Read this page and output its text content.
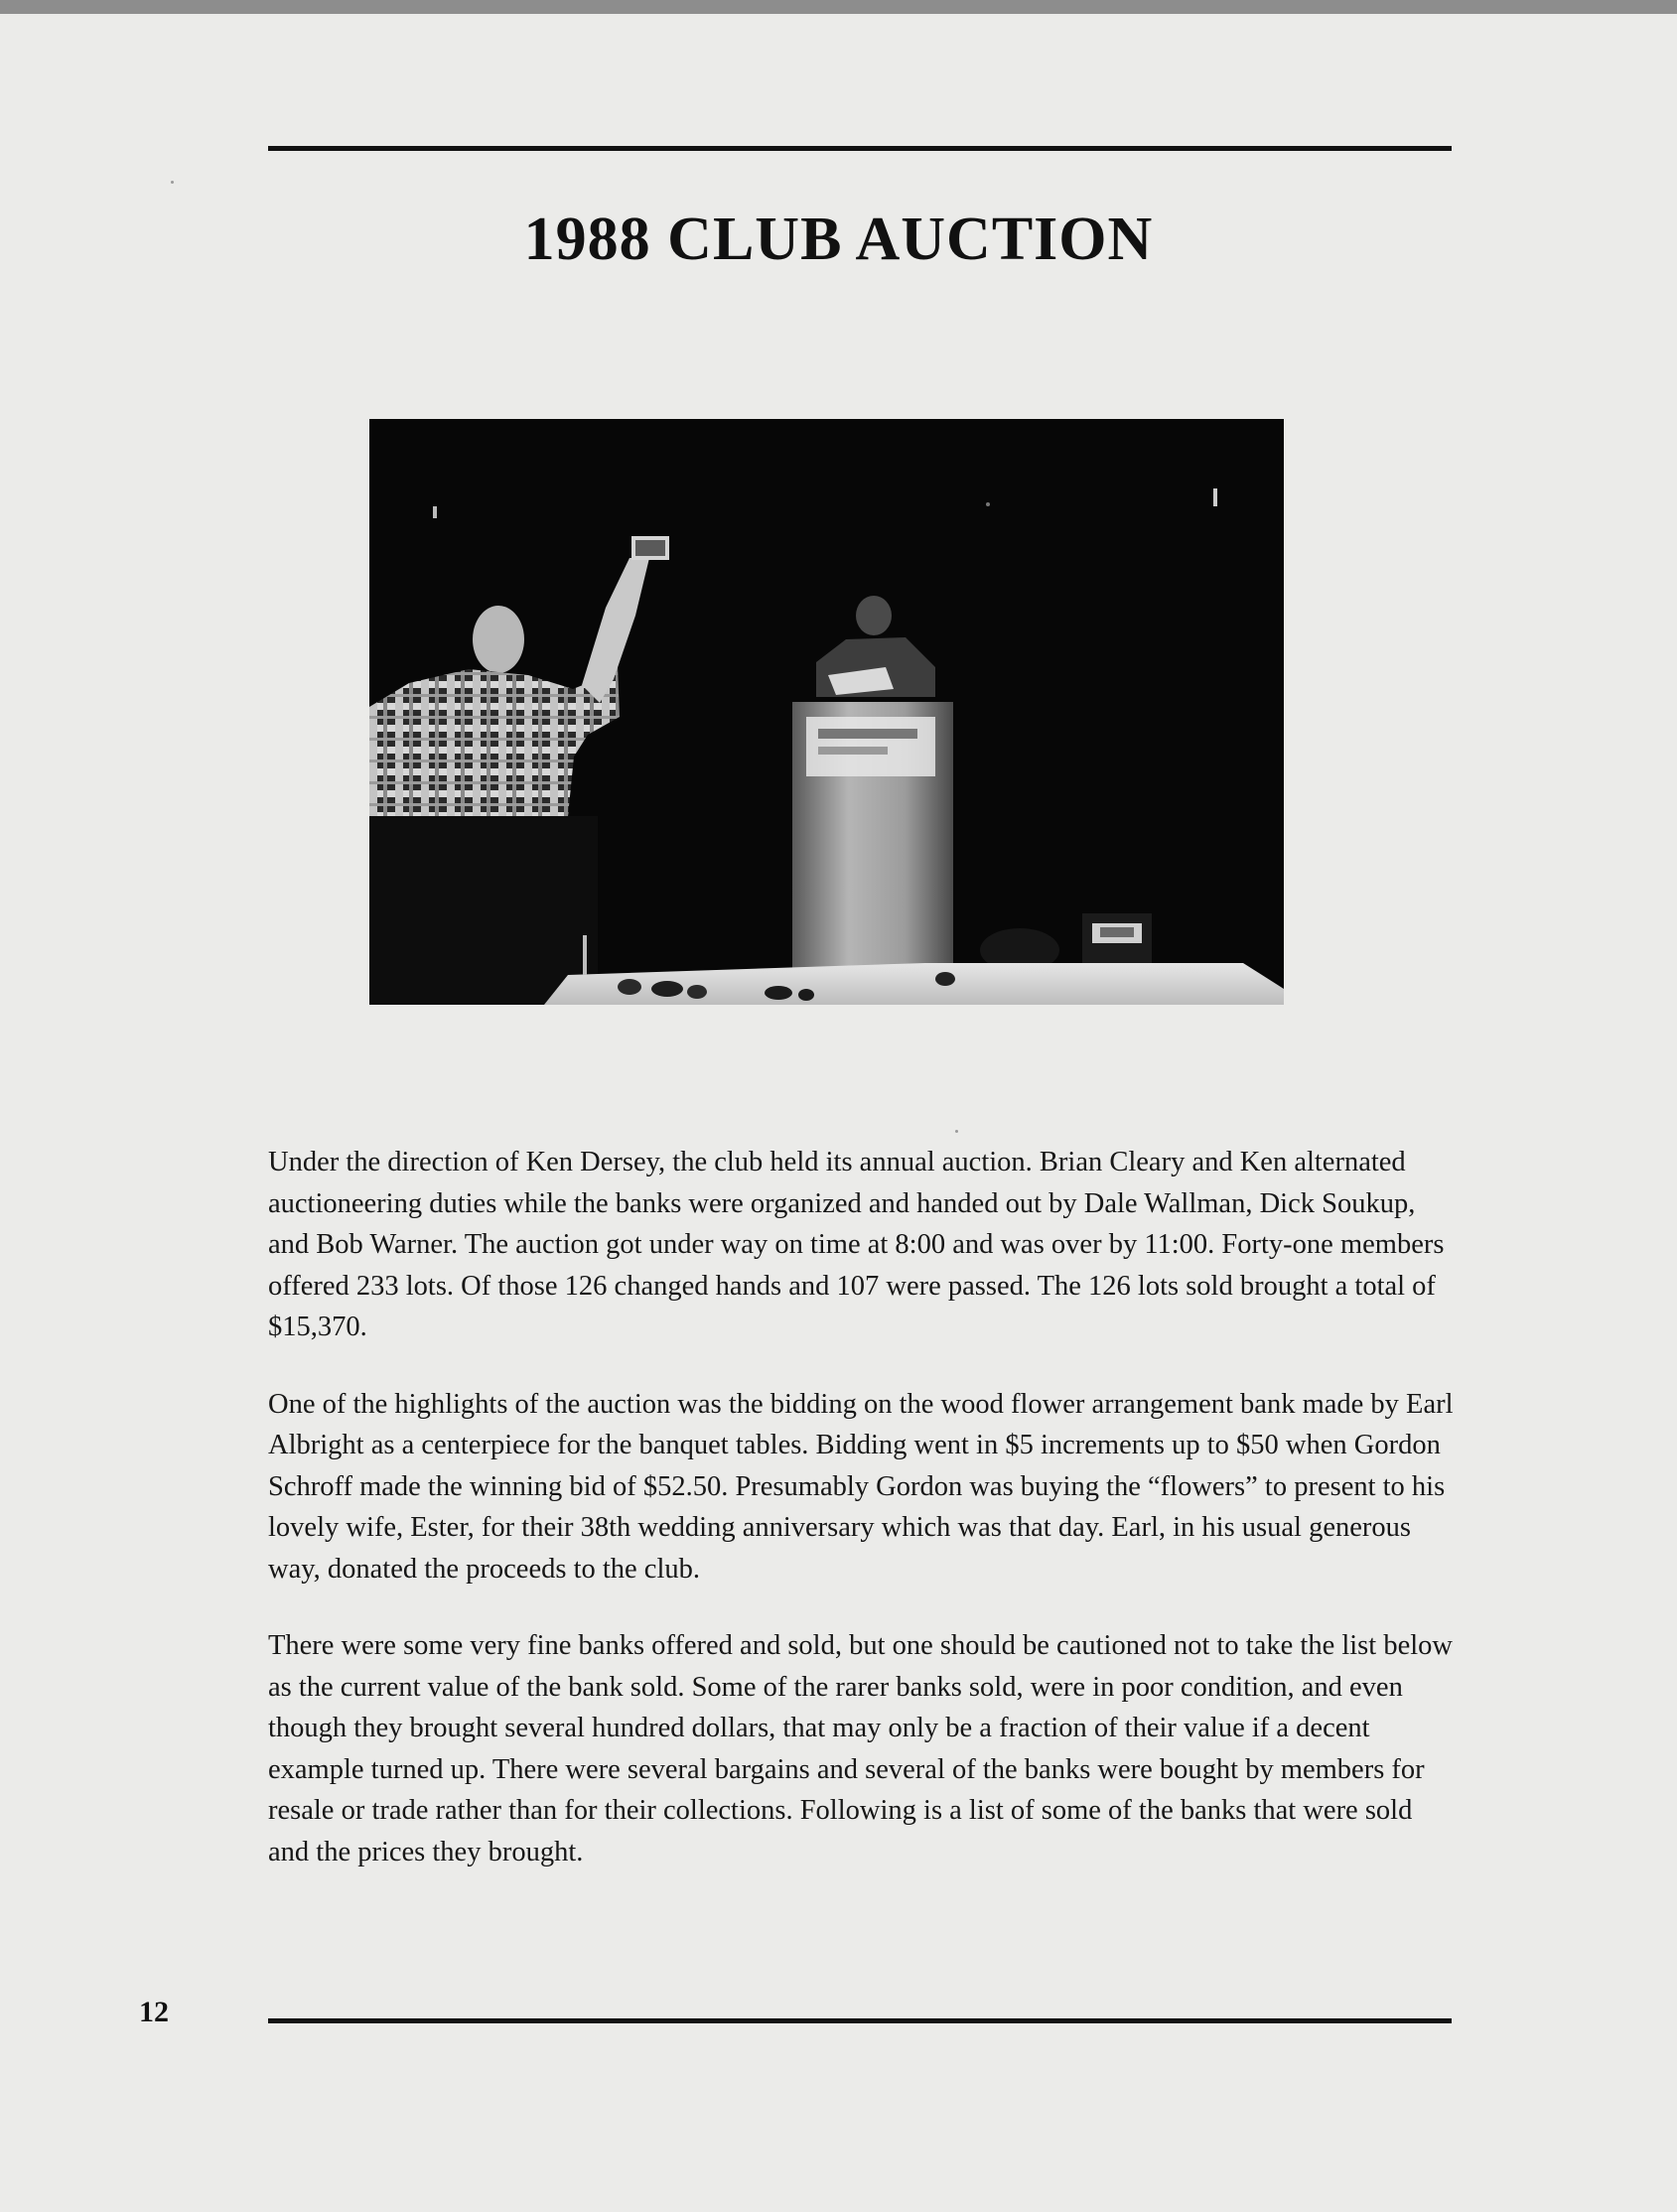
1988 CLUB AUCTION

Under the direction of Ken Dersey, the club held its annual auction. Brian Cleary and Ken alternated auctioneering duties while the banks were organized and handed out by Dale Wallman, Dick Soukup, and Bob Warner. The auction got under way on time at 8:00 and was over by 11:00. Forty-one members offered 233 lots. Of those 126 changed hands and 107 were passed. The 126 lots sold brought a total of $15,370.

One of the highlights of the auction was the bidding on the wood flower arrangement bank made by Earl Albright as a centerpiece for the banquet tables. Bidding went in $5 increments up to $50 when Gordon Schroff made the winning bid of $52.50. Presumably Gordon was buying the “flowers” to present to his lovely wife, Ester, for their 38th wedding anniversary which was that day. Earl, in his usual generous way, donated the proceeds to the club.

There were some very fine banks offered and sold, but one should be cautioned not to take the list below as the current value of the bank sold. Some of the rarer banks sold, were in poor condition, and even though they brought several hundred dollars, that may only be a fraction of their value if a decent example turned up. There were several bargains and several of the banks were bought by members for resale or trade rather than for their collections. Following is a list of some of the banks that were sold and the prices they brought.

12
